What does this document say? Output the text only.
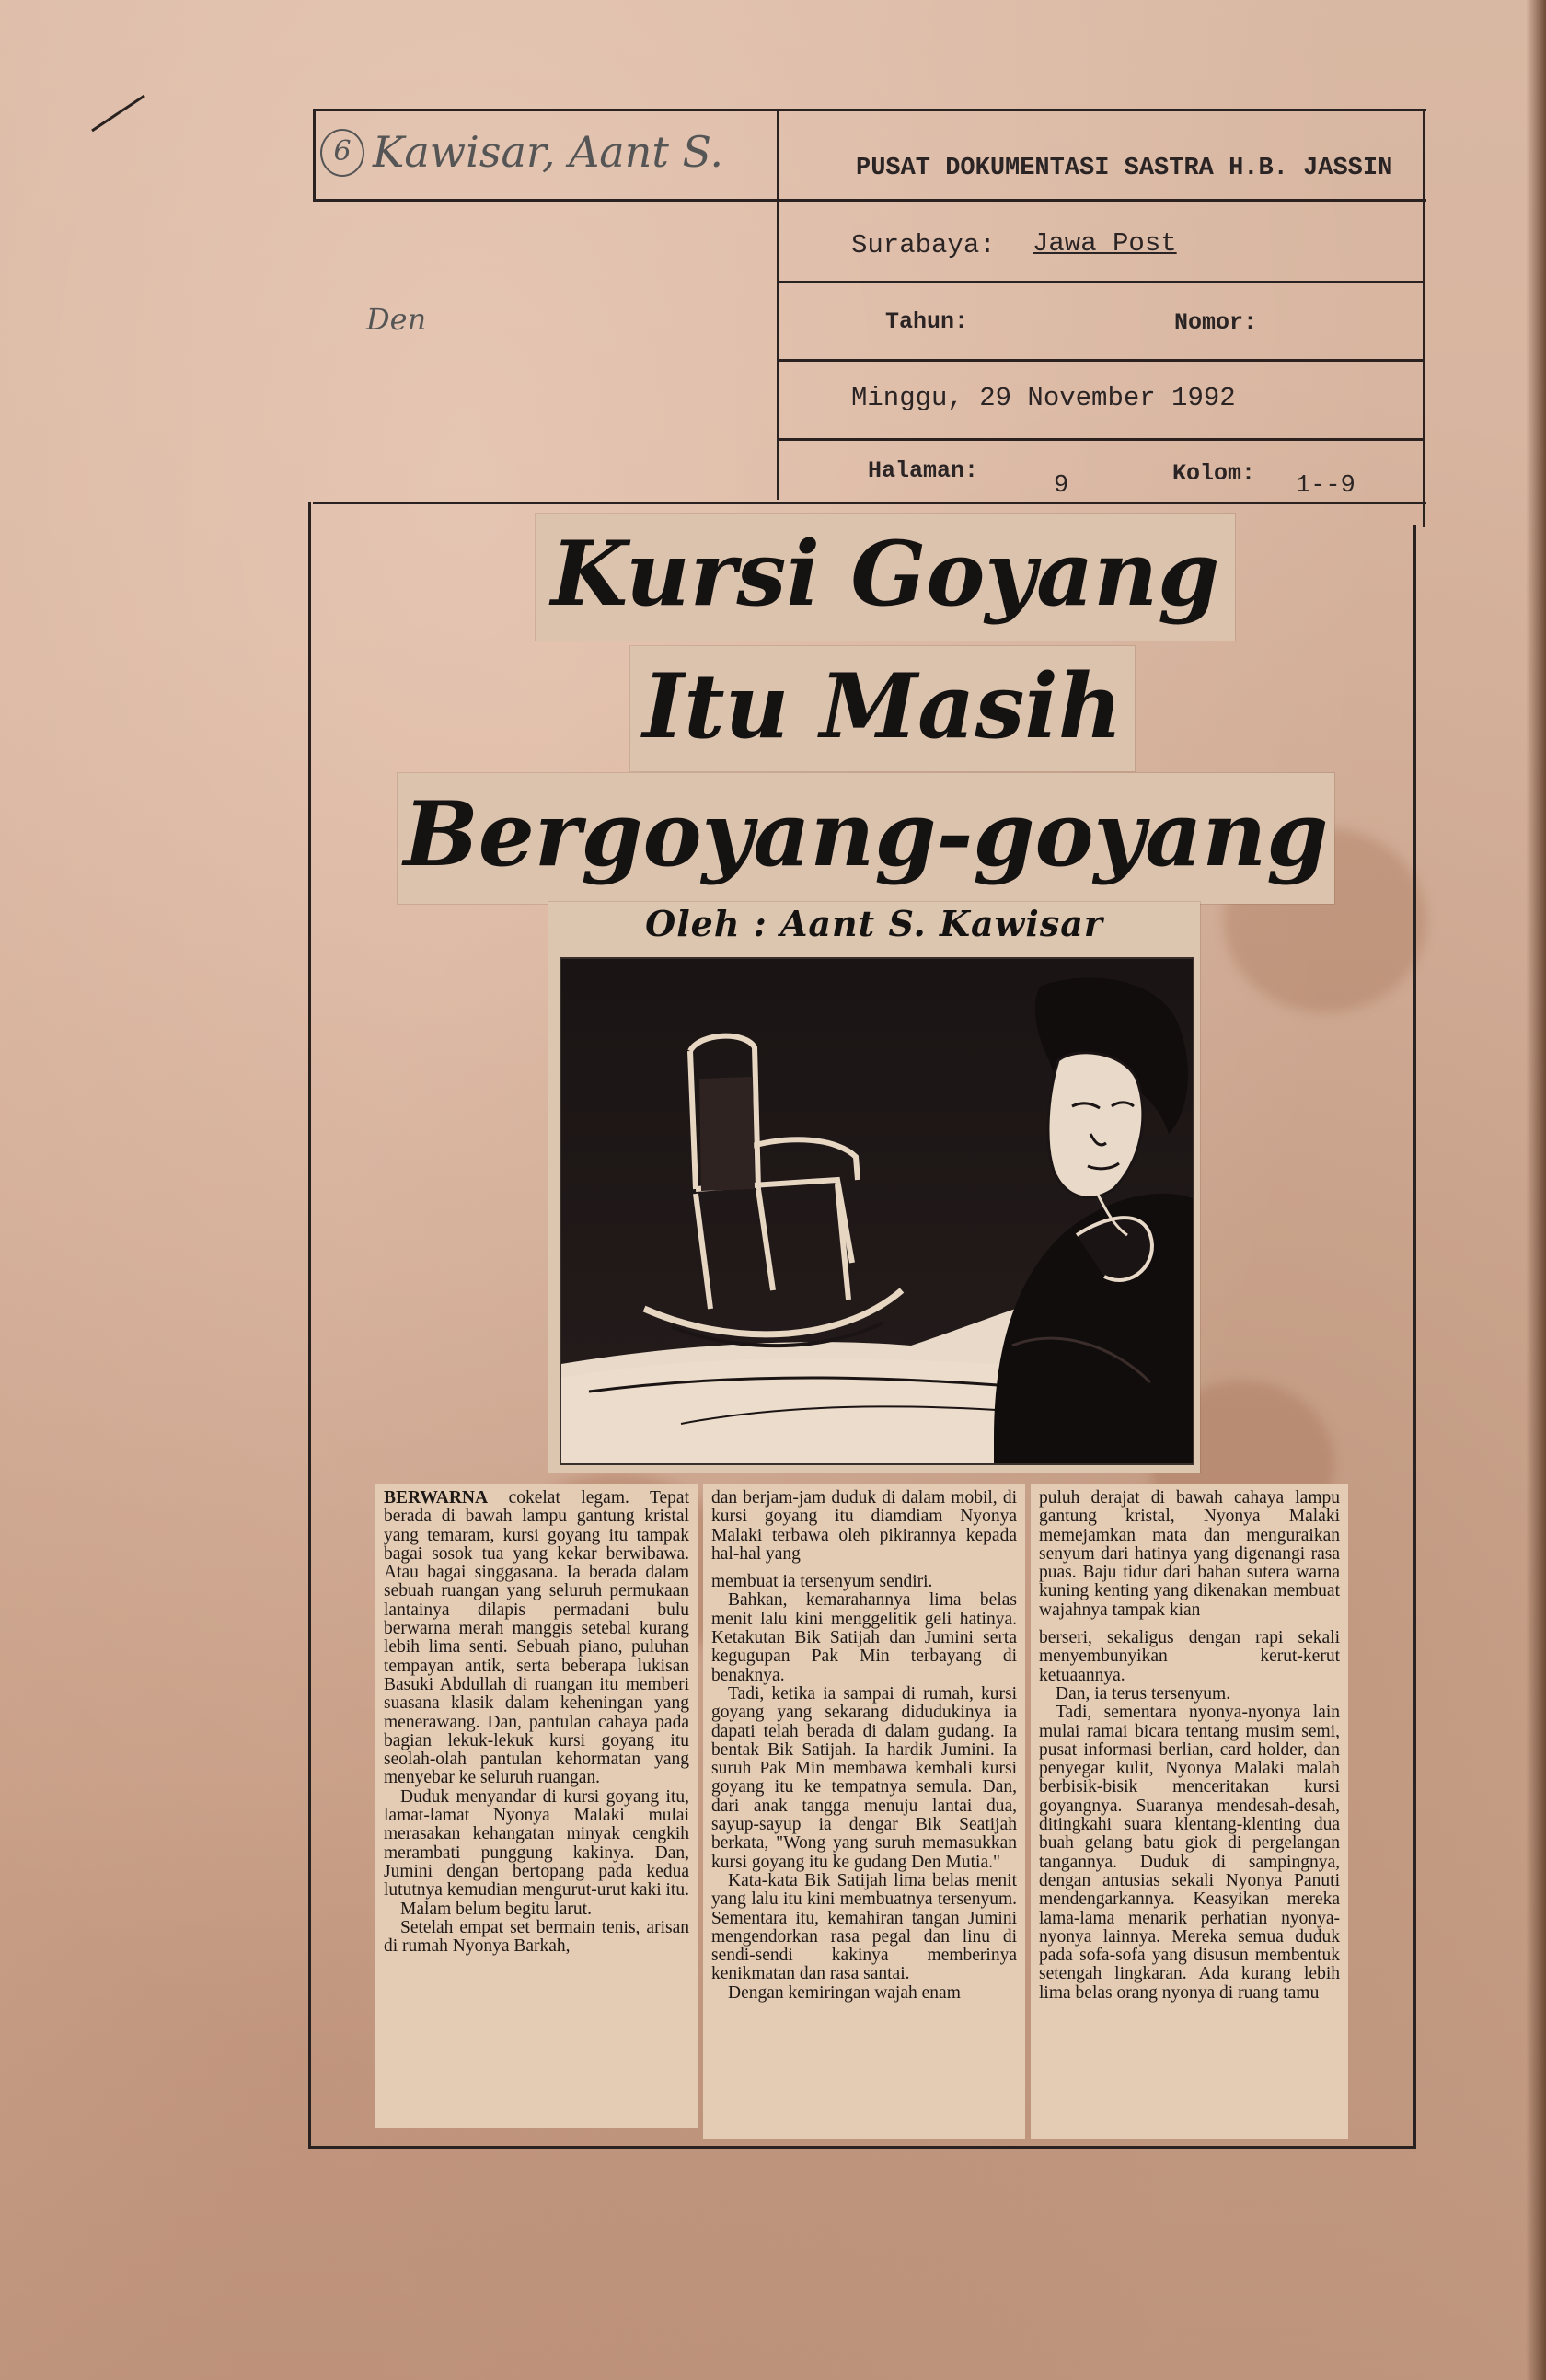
6 Kawisar, Aant S.
Den
PUSAT DOKUMENTASI SASTRA H.B. JASSIN
Surabaya: Jawa Post
Tahun:	Nomor:
Minggu, 29 November 1992
Halaman:
9	Kolom: 1--9
Kursi Goyang
Itu Masih
Bergoyang-goyang
Oleh : Aant S. Kawisar

BERWARNA cokelat legam. Tepat berada di bawah lampu gantung kristal yang temaram, kursi goyang itu tampak bagai sosok tua yang kekar berwibawa. Atau bagai singgasana. Ia berada dalam sebuah ruangan yang seluruh permukaan lantainya dilapis permadani bulu berwarna merah manggis setebal kurang lebih lima senti. Sebuah piano, puluhan tempayan antik, serta beberapa lukisan Basuki Abdullah di ruangan itu memberi suasana klasik dalam keheningan yang menerawang. Dan, pantulan cahaya pada bagian lekuk-lekuk kursi goyang itu seolah-olah pantulan kehormatan yang menyebar ke seluruh ruangan.

Duduk menyandar di kursi goyang itu, lamat-lamat Nyonya Malaki mulai merasakan kehangatan minyak cengkih merambati punggung kakinya. Dan, Jumini dengan bertopang pada kedua lututnya kemudian mengurut-urut kaki itu.

Malam belum begitu larut.

Setelah empat set bermain tenis, arisan di rumah Nyonya Barkah,

dan berjam-jam duduk di dalam mobil, di kursi goyang itu diamdiam Nyonya Malaki terbawa oleh pikirannya kepada hal-hal yang

membuat ia tersenyum sendiri.

Bahkan, kemarahannya lima belas menit lalu kini menggelitik geli hatinya. Ketakutan Bik Satijah dan Jumini serta kegugupan Pak Min terbayang di benaknya.

Tadi, ketika ia sampai di rumah, kursi goyang yang sekarang didudukinya ia dapati telah berada di dalam gudang. Ia bentak Bik Satijah. Ia hardik Jumini. Ia suruh Pak Min membawa kembali kursi goyang itu ke tempatnya semula. Dan, dari anak tangga menuju lantai dua, sayup-sayup ia dengar Bik Seatijah berkata, "Wong yang suruh memasukkan kursi goyang itu ke gudang Den Mutia."

Kata-kata Bik Satijah lima belas menit yang lalu itu kini membuatnya tersenyum. Sementara itu, kemahiran tangan Jumini mengendorkan rasa pegal dan linu di sendi-sendi kakinya memberinya kenikmatan dan rasa santai.

Dengan kemiringan wajah enam

puluh derajat di bawah cahaya lampu gantung kristal, Nyonya Malaki memejamkan mata dan menguraikan senyum dari hatinya yang digenangi rasa puas. Baju tidur dari bahan sutera warna kuning kenting yang dikenakan membuat wajahnya tampak kian

berseri, sekaligus dengan rapi sekali menyembunyikan kerut-kerut ketuaannya.

Dan, ia terus tersenyum.

Tadi, sementara nyonya-nyonya lain mulai ramai bicara tentang musim semi, pusat informasi berlian, card holder, dan penyegar kulit, Nyonya Malaki malah berbisik-bisik menceritakan kursi goyangnya. Suaranya mendesah-desah, ditingkahi suara klentang-klenting dua buah gelang batu giok di pergelangan tangannya. Duduk di sampingnya, dengan antusias sekali Nyonya Panuti mendengarkannya. Keasyikan mereka lama-lama menarik perhatian nyonya-nyonya lainnya. Mereka semua duduk pada sofa-sofa yang disusun membentuk setengah lingkaran. Ada kurang lebih lima belas orang nyonya di ruang tamu
